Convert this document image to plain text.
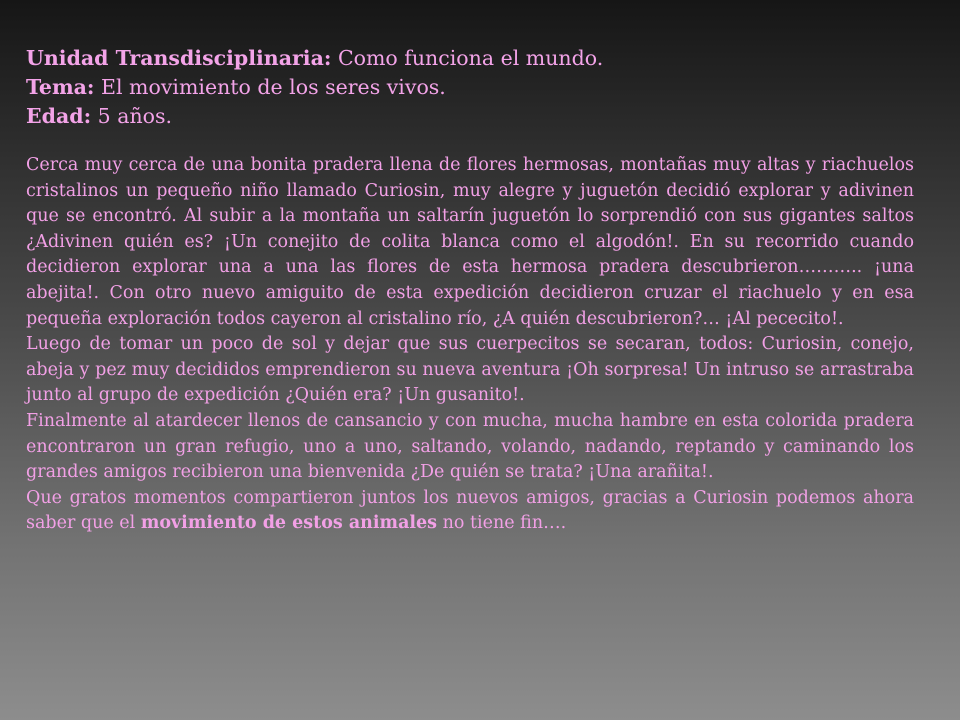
Unidad Transdisciplinaria: Como funciona el mundo.
Tema: El movimiento de los seres vivos.
Edad: 5 años.

Cerca muy cerca de una bonita pradera llena de flores hermosas, montañas muy altas y riachuelos cristalinos un pequeño niño llamado Curiosin, muy alegre y juguetón decidió explorar y adivinen que se encontró. Al subir a la montaña un saltarín juguetón lo sorprendió con sus gigantes saltos ¿Adivinen quién es? ¡Un conejito de colita blanca como el algodón!. En su recorrido cuando decidieron explorar una a una las flores de esta hermosa pradera descubrieron……….. ¡una abejita!. Con otro nuevo amiguito de esta expedición decidieron cruzar el riachuelo y en esa pequeña exploración todos cayeron al cristalino río, ¿A quién descubrieron?… ¡Al pececito!.

Luego de tomar un poco de sol y dejar que sus cuerpecitos se secaran, todos: Curiosin, conejo, abeja y pez muy decididos emprendieron su nueva aventura ¡Oh sorpresa! Un intruso se arrastraba junto al grupo de expedición ¿Quién era? ¡Un gusanito!.

Finalmente al atardecer llenos de cansancio y con mucha, mucha hambre en esta colorida pradera encontraron un gran refugio, uno a uno, saltando, volando, nadando, reptando y caminando los grandes amigos recibieron una bienvenida ¿De quién se trata? ¡Una arañita!.

Que gratos momentos compartieron juntos los nuevos amigos, gracias a Curiosin podemos ahora saber que el movimiento de estos animales no tiene fin….
